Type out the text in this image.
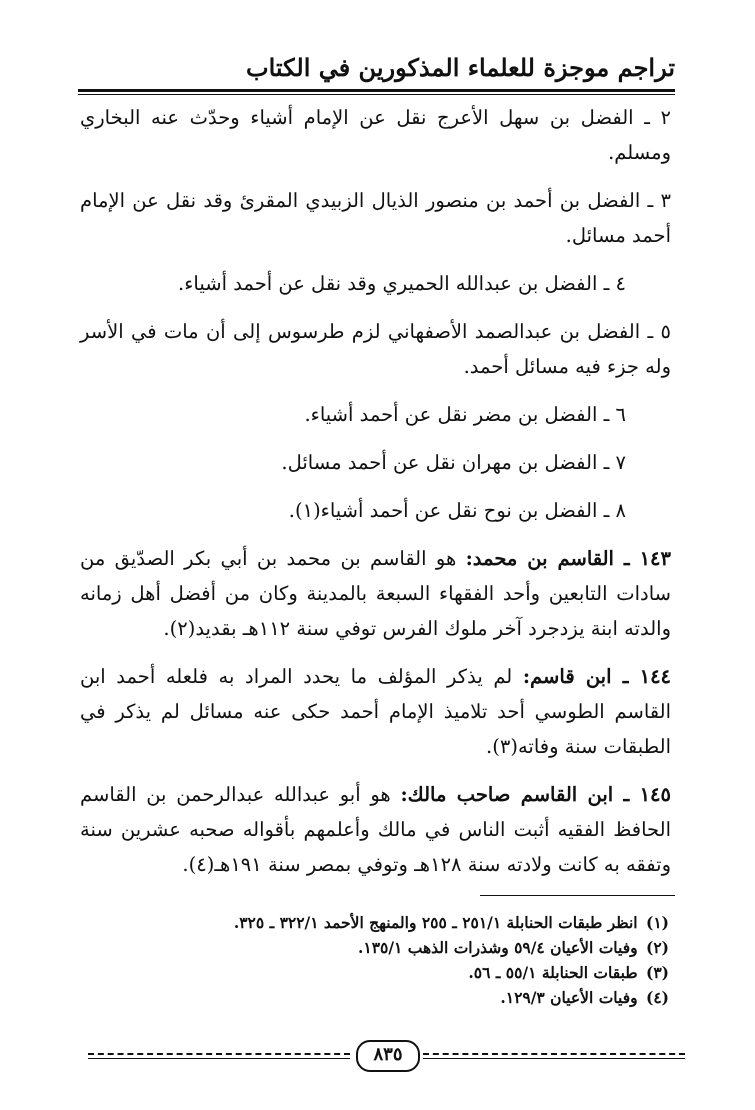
تراجم موجزة للعلماء المذكورين في الكتاب

٢ ـ الفضل بن سهل الأعرج نقل عن الإمام أشياء وحدّث عنه البخاري ومسلم.

٣ ـ الفضل بن أحمد بن منصور الذيال الزبيدي المقرئ وقد نقل عن الإمام أحمد مسائل.

٤ ـ الفضل بن عبدالله الحميري وقد نقل عن أحمد أشياء.

٥ ـ الفضل بن عبدالصمد الأصفهاني لزم طرسوس إلى أن مات في الأسر وله جزء فيه مسائل أحمد.

٦ ـ الفضل بن مضر نقل عن أحمد أشياء.

٧ ـ الفضل بن مهران نقل عن أحمد مسائل.

٨ ـ الفضل بن نوح نقل عن أحمد أشياء(١).

١٤٣ ـ القاسم بن محمد: هو القاسم بن محمد بن أبي بكر الصدّيق من سادات التابعين وأحد الفقهاء السبعة بالمدينة وكان من أفضل أهل زمانه والدته ابنة يزدجرد آخر ملوك الفرس توفي سنة ١١٢هـ بقديد(٢).

١٤٤ ـ ابن قاسم: لم يذكر المؤلف ما يحدد المراد به فلعله أحمد ابن القاسم الطوسي أحد تلاميذ الإمام أحمد حكى عنه مسائل لم يذكر في الطبقات سنة وفاته(٣).

١٤٥ ـ ابن القاسم صاحب مالك: هو أبو عبدالله عبدالرحمن بن القاسم الحافظ الفقيه أثبت الناس في مالك وأعلمهم بأقواله صحبه عشرين سنة وتفقه به كانت ولادته سنة ١٢٨هـ وتوفي بمصر سنة ١٩١هـ(٤).

(١) انظر طبقات الحنابلة ٢٥١/١ ـ ٢٥٥ والمنهج الأحمد ٣٢٢/١ ـ ٣٢٥.

(٢) وفيات الأعيان ٥٩/٤ وشذرات الذهب ١٣٥/١.

(٣) طبقات الحنابلة ٥٥/١ ـ ٥٦.

(٤) وفيات الأعيان ١٢٩/٣.

٨٣٥
